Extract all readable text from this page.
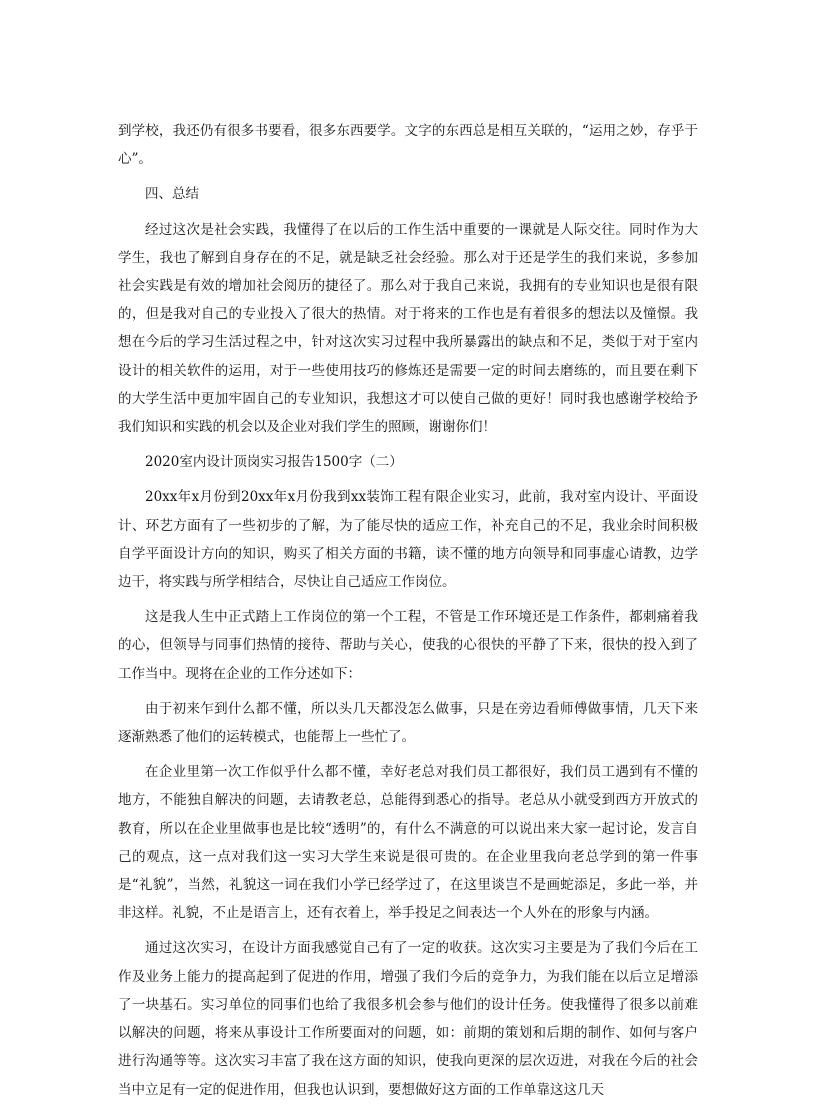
到学校，我还仍有很多书要看，很多东西要学。文字的东西总是相互关联的，“运用之妙，存乎于心”。

四、总结

经过这次是社会实践，我懂得了在以后的工作生活中重要的一课就是人际交往。同时作为大学生，我也了解到自身存在的不足，就是缺乏社会经验。那么对于还是学生的我们来说，多参加社会实践是有效的增加社会阅历的捷径了。那么对于我自己来说，我拥有的专业知识也是很有限的，但是我对自己的专业投入了很大的热情。对于将来的工作也是有着很多的想法以及憧憬。我想在今后的学习生活过程之中，针对这次实习过程中我所暴露出的缺点和不足，类似于对于室内设计的相关软件的运用，对于一些使用技巧的修炼还是需要一定的时间去磨练的，而且要在剩下的大学生活中更加牢固自己的专业知识，我想这才可以使自己做的更好！同时我也感谢学校给予我们知识和实践的机会以及企业对我们学生的照顾，谢谢你们！

2020室内设计顶岗实习报告1500字（二）

20xx年x月份到20xx年x月份我到xx装饰工程有限企业实习，此前，我对室内设计、平面设计、环艺方面有了一些初步的了解，为了能尽快的适应工作，补充自己的不足，我业余时间积极自学平面设计方向的知识，购买了相关方面的书籍，读不懂的地方向领导和同事虚心请教，边学边干，将实践与所学相结合，尽快让自己适应工作岗位。

这是我人生中正式踏上工作岗位的第一个工程，不管是工作环境还是工作条件，都刺痛着我的心，但领导与同事们热情的接待、帮助与关心，使我的心很快的平静了下来，很快的投入到了工作当中。现将在企业的工作分述如下：

由于初来乍到什么都不懂，所以头几天都没怎么做事，只是在旁边看师傅做事情，几天下来逐渐熟悉了他们的运转模式，也能帮上一些忙了。

在企业里第一次工作似乎什么都不懂，幸好老总对我们员工都很好，我们员工遇到有不懂的地方，不能独自解决的问题，去请教老总，总能得到悉心的指导。老总从小就受到西方开放式的教育，所以在企业里做事也是比较“透明”的，有什么不满意的可以说出来大家一起讨论，发言自己的观点，这一点对我们这一实习大学生来说是很可贵的。在企业里我向老总学到的第一件事是“礼貌”，当然，礼貌这一词在我们小学已经学过了，在这里谈岂不是画蛇添足，多此一举，并非这样。礼貌，不止是语言上，还有衣着上，举手投足之间表达一个人外在的形象与内涵。

通过这次实习，在设计方面我感觉自己有了一定的收获。这次实习主要是为了我们今后在工作及业务上能力的提高起到了促进的作用，增强了我们今后的竞争力，为我们能在以后立足增添了一块基石。实习单位的同事们也给了我很多机会参与他们的设计任务。使我懂得了很多以前难以解决的问题，将来从事设计工作所要面对的问题，如：前期的策划和后期的制作、如何与客户进行沟通等等。这次实习丰富了我在这方面的知识，使我向更深的层次迈进，对我在今后的社会当中立足有一定的促进作用，但我也认识到，要想做好这方面的工作单靠这这几天
